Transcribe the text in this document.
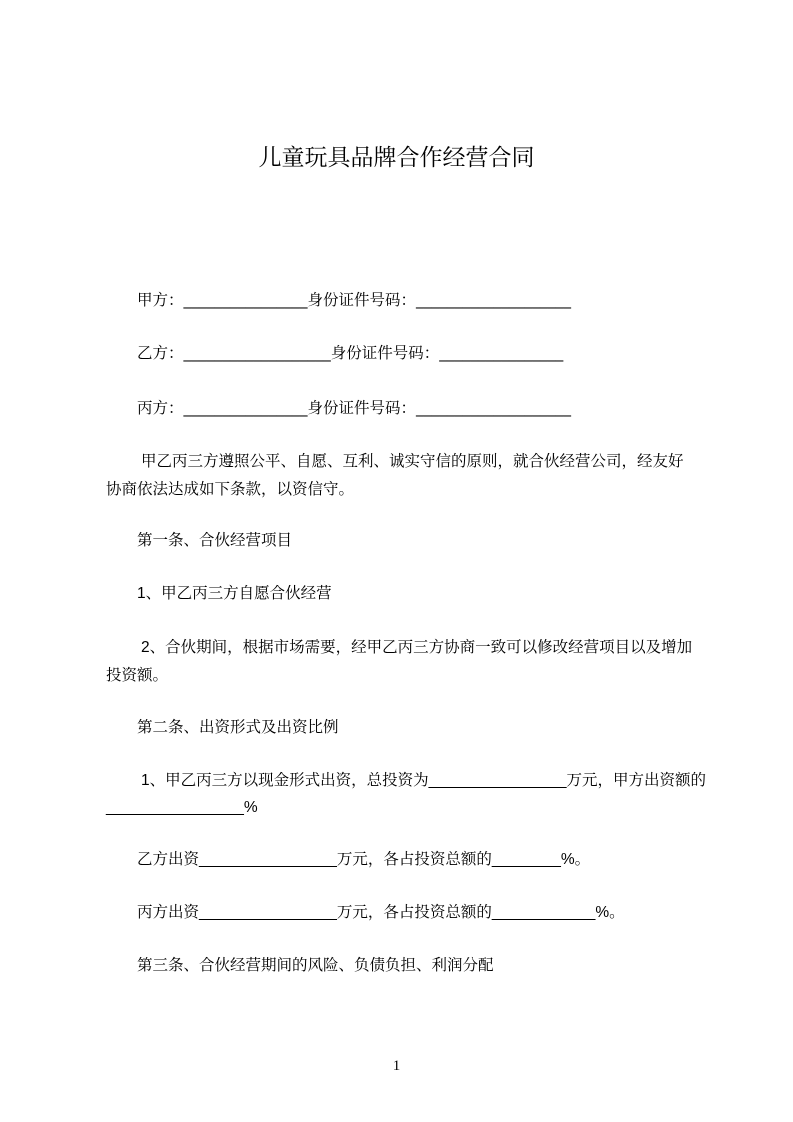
儿童玩具品牌合作经营合同
甲方：________________身份证件号码：____________________
乙方：___________________身份证件号码：________________
丙方：________________身份证件号码：____________________
甲乙丙三方遵照公平、自愿、互利、诚实守信的原则，就合伙经营公司，经友好
协商依法达成如下条款，以资信守。
第一条、合伙经营项目
1、甲乙丙三方自愿合伙经营
2、合伙期间，根据市场需要，经甲乙丙三方协商一致可以修改经营项目以及增加
投资额。
第二条、出资形式及出资比例
1、甲乙丙三方以现金形式出资，总投资为________________万元，甲方出资额的
________________%
乙方出资________________万元，各占投资总额的________%。
丙方出资________________万元，各占投资总额的____________%。
第三条、合伙经营期间的风险、负债负担、利润分配
1
